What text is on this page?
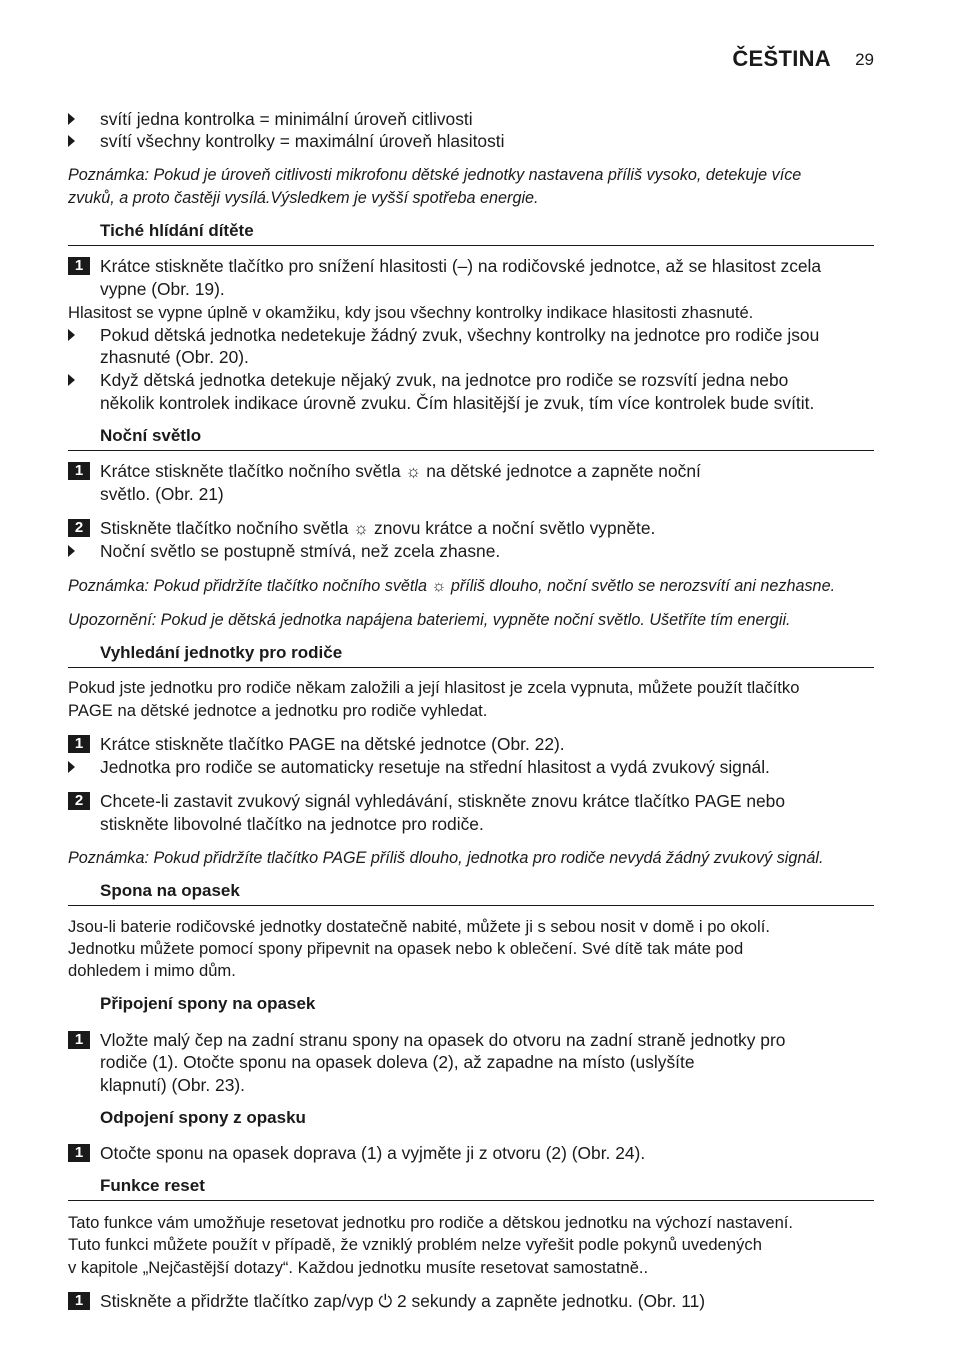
ČEŠTINA 29
svítí jedna kontrolka = minimální úroveň citlivosti
svítí všechny kontrolky = maximální úroveň hlasitosti
Poznámka: Pokud je úroveň citlivosti mikrofonu dětské jednotky nastavena příliš vysoko, detekuje více
zvuků, a proto častěji vysílá.Výsledkem je vyšší spotřeba energie.
Tiché hlídání dítěte
1 Krátce stiskněte tlačítko pro snížení hlasitosti (–) na rodičovské jednotce, až se hlasitost zcela
vypne (Obr. 19).
Hlasitost se vypne úplně v okamžiku, kdy jsou všechny kontrolky indikace hlasitosti zhasnuté.
Pokud dětská jednotka nedetekuje žádný zvuk, všechny kontrolky na jednotce pro rodiče jsou
zhasnuté (Obr. 20).
Když dětská jednotka detekuje nějaký zvuk, na jednotce pro rodiče se rozsvítí jedna nebo
několik kontrolek indikace úrovně zvuku. Čím hlasitější je zvuk, tím více kontrolek bude svítit.
Noční světlo
1 Krátce stiskněte tlačítko nočního světla ☼ na dětské jednotce a zapněte noční
světlo. (Obr. 21)
2 Stiskněte tlačítko nočního světla ☼ znovu krátce a noční světlo vypněte.
Noční světlo se postupně stmívá, než zcela zhasne.
Poznámka: Pokud přidržíte tlačítko nočního světla ☼ příliš dlouho, noční světlo se nerozsvítí ani nezhasne.
Upozornění: Pokud je dětská jednotka napájena bateriemi, vypněte noční světlo. Ušetříte tím energii.
Vyhledání jednotky pro rodiče
Pokud jste jednotku pro rodiče někam založili a její hlasitost je zcela vypnuta, můžete použít tlačítko
PAGE na dětské jednotce a jednotku pro rodiče vyhledat.
1 Krátce stiskněte tlačítko PAGE na dětské jednotce (Obr. 22).
Jednotka pro rodiče se automaticky resetuje na střední hlasitost a vydá zvukový signál.
2 Chcete-li zastavit zvukový signál vyhledávání, stiskněte znovu krátce tlačítko PAGE nebo
stiskněte libovolné tlačítko na jednotce pro rodiče.
Poznámka: Pokud přidržíte tlačítko PAGE příliš dlouho, jednotka pro rodiče nevydá žádný zvukový signál.
Spona na opasek
Jsou-li baterie rodičovské jednotky dostatečně nabité, můžete ji s sebou nosit v domě i po okolí.
Jednotku můžete pomocí spony připevnit na opasek nebo k oblečení. Své dítě tak máte pod
dohledem i mimo dům.
Připojení spony na opasek
1 Vložte malý čep na zadní stranu spony na opasek do otvoru na zadní straně jednotky pro
rodiče (1). Otočte sponu na opasek doleva (2), až zapadne na místo (uslyšíte
klapnutí) (Obr. 23).
Odpojení spony z opasku
1 Otočte sponu na opasek doprava (1) a vyjměte ji z otvoru (2) (Obr. 24).
Funkce reset
Tato funkce vám umožňuje resetovat jednotku pro rodiče a dětskou jednotku na výchozí nastavení.
Tuto funkci můžete použít v případě, že vzniklý problém nelze vyřešit podle pokynů uvedených
v kapitole „Nejčastější dotazy“. Každou jednotku musíte resetovat samostatně..
1 Stiskněte a přidržte tlačítko zap/vyp ⏻ 2 sekundy a zapněte jednotku. (Obr. 11)
